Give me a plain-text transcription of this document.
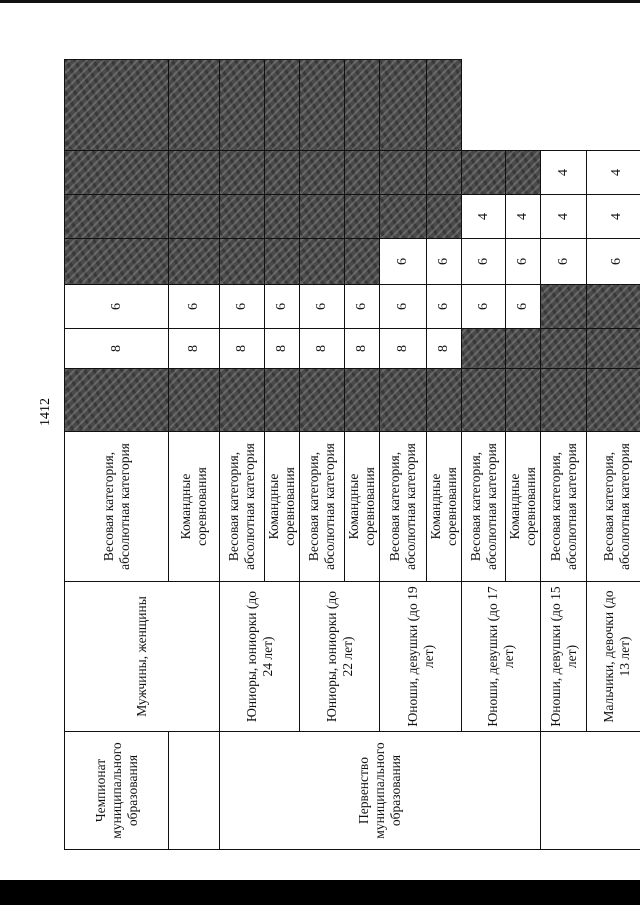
1412
Чемпионат муниципального образования	Мужчины, женщины	Весовая категория, абсолютная категория		8	6				
		Командные соревнования		8	6				
Первенство муниципального образования	Юниоры, юниорки (до 24 лет)	Весовая категория, абсолютная категория		8	6				
		Командные соревнования		8	6				
	Юниоры, юниорки (до 22 лет)	Весовая категория, абсолютная категория		8	6				
		Командные соревнования		8	6				
	Юноши, девушки (до 19 лет)	Весовая категория, абсолютная категория		8	6	6			
		Командные соревнования		8	6	6			
	Юноши, девушки (до 17 лет)	Весовая категория, абсолютная категория			6	6	4		
		Командные соревнования			6	6	4		
	Юноши, девушки (до 15 лет)	Весовая категория, абсолютная категория				6	4	4	
	Мальчики, девочки (до 13 лет)	Весовая категория, абсолютная категория				6	4	4	
